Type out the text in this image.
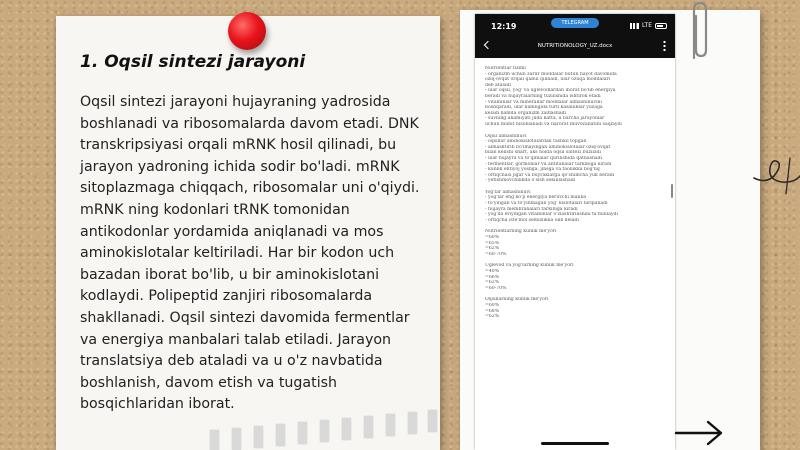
1. Oqsil sintezi jarayoni
Oqsil sintezi jarayoni hujayraning yadrosida boshlanadi va ribosomalarda davom etadi. DNK transkripsiyasi orqali mRNK hosil qilinadi, bu jarayon yadroning ichida sodir bo'ladi. mRNK sitoplazmaga chiqqach, ribosomalar uni o'qiydi. mRNK ning kodonlari tRNK tomonidan antikodonlar yordamida aniqlanadi va mos aminokislotalar keltiriladi. Har bir kodon uch bazadan iborat bo'lib, u bir aminokislotani kodlaydi. Polipeptid zanjiri ribosomalarda shakllanadi. Oqsil sintezi davomida fermentlar va energiya manbalari talab etiladi. Jarayon translatsiya deb ataladi va u o'z navbatida boshlanish, davom etish va tugatish bosqichlaridan iborat.
12:19	TELEGRAM	LTE
NUTRITIONOLOGY_UZ.docx
Nutrientlar tizimi
- organizm uchun zarur moddalar butun hayot davomida
oziq-ovqat orqali qabul qilinadi, ular ozuqa moddalari
deb ataladi
- ular oqsil, yog' va uglevodlardan iborat bo'lib energiya
beradi va hujayralarning tuzilishida ishtirok etadi
- vitaminlar va minerallar moddalar almashinuvini
boshqaradi, ular kamligida turli kasalliklar yuzaga
keladi hamda organizm zaiflashadi
- suvning ahamiyati juda katta, u barcha jarayonlar
uchun muhit hisoblanadi va harorat muvozanatini saqlaydi
Oqsil almashinuvi
- oqsillar aminokislotalardan tashkil topgan
- almashtirib bo'lmaydigan aminokislotalar oziq-ovqat
bilan kelishi shart, aks holda oqsil sintezi buziladi
- ular hujayra va to'qimalar qurilishida qatnashadi
- fermentlar, gormonlar va antitanalar tarkibiga kiradi
- kunlik ehtiyoj yoshga, jinsga va faollikka bog'liq
- ortiqchasi jigar va buyraklarga qo'shimcha yuk beradi
- yetishmovchilikda o'sish sekinlashadi
Yog'lar almashinuvi
- yog'lar eng ko'p energiya beruvchi manba
- to'yingan va to'yinmagan yog' kislotalari farqlanadi
- hujayra membranalari tarkibiga kiradi
- yog'da eriydigan vitaminlar o'zlashtirilishini ta'minlaydi
- ortiqcha iste'mol semizlikka olib keladi
Nutrientlarning kunlik me'yori
=60%
=65%
=62%
=60-70%
Uglevod va yog'larning kunlik me'yori
=40%
=66%
=62%
=60-70%
Oqsillarning kunlik me'yori
=60%
=68%
=62%
